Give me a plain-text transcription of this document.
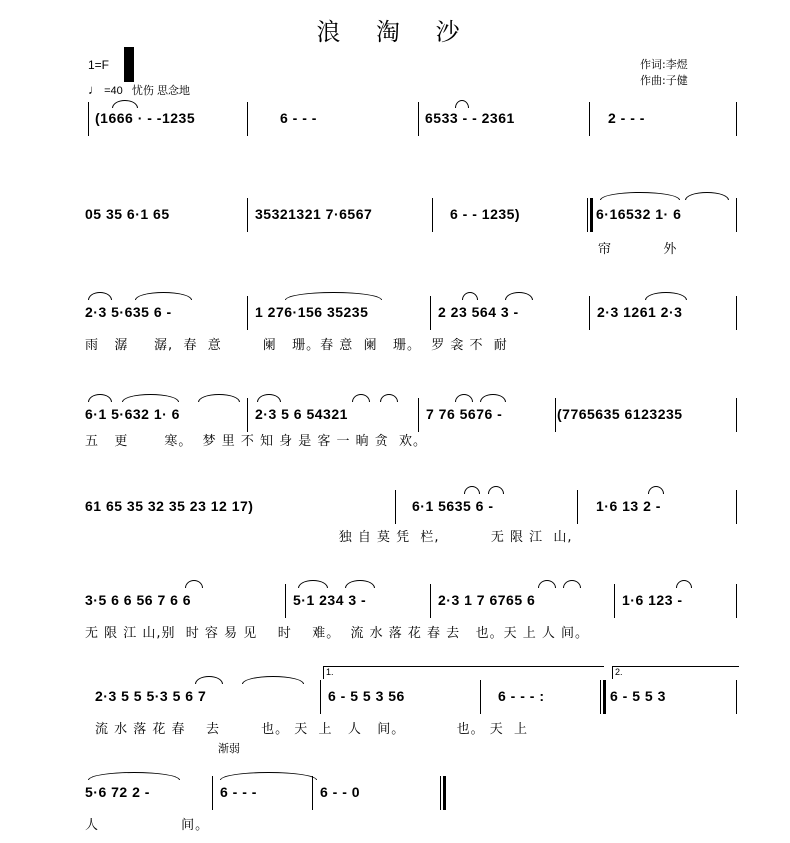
浪 淘 沙
1=F
♩ =40 忧伤 思念地
作词:李煜
作曲:子健
(1666 · - -1235	6 - - -	6533 - - 2361	2 - - -
05 35 6·1 65	35321321 7·6567	6 - - 1235)	6·16532 1· 6
帘          外
2·3 5·635 6 -	1 276·156 35235	2 23 564 3 -	2·3 1261 2·3
雨   潺     潺,  春  意        阑   珊。春 意  阑   珊。  罗 衾 不  耐
6·1 5·632 1· 6	2·3 5 6 54321	7 76 5676 -	(7765635 6123235
五   更       寒。  梦 里 不 知 身 是 客 一 晌 贪  欢。
61 65 35 32 35 23 12 17)	6·1 5635 6 -	1·6 13 2 -
独 自 莫 凭  栏,          无 限 江  山,
3·5 6 6 56 7 6 6	5·1 234 3 -	2·3 1 7 6765 6	1·6 123 -
无 限 江 山,别  时 容 易 见    时    难。  流 水 落 花 春 去   也。天 上 人 间。
1.	2.
2·3 5 5 5·3 5 6 7	6 - 5 5 3 56	6 - - - :	6 - 5 5 3
流 水 落 花 春    去        也。 天  上   人   间。          也。 天  上
渐弱
5·6 72 2 -	6 - - -	6 - - 0
人                间。
